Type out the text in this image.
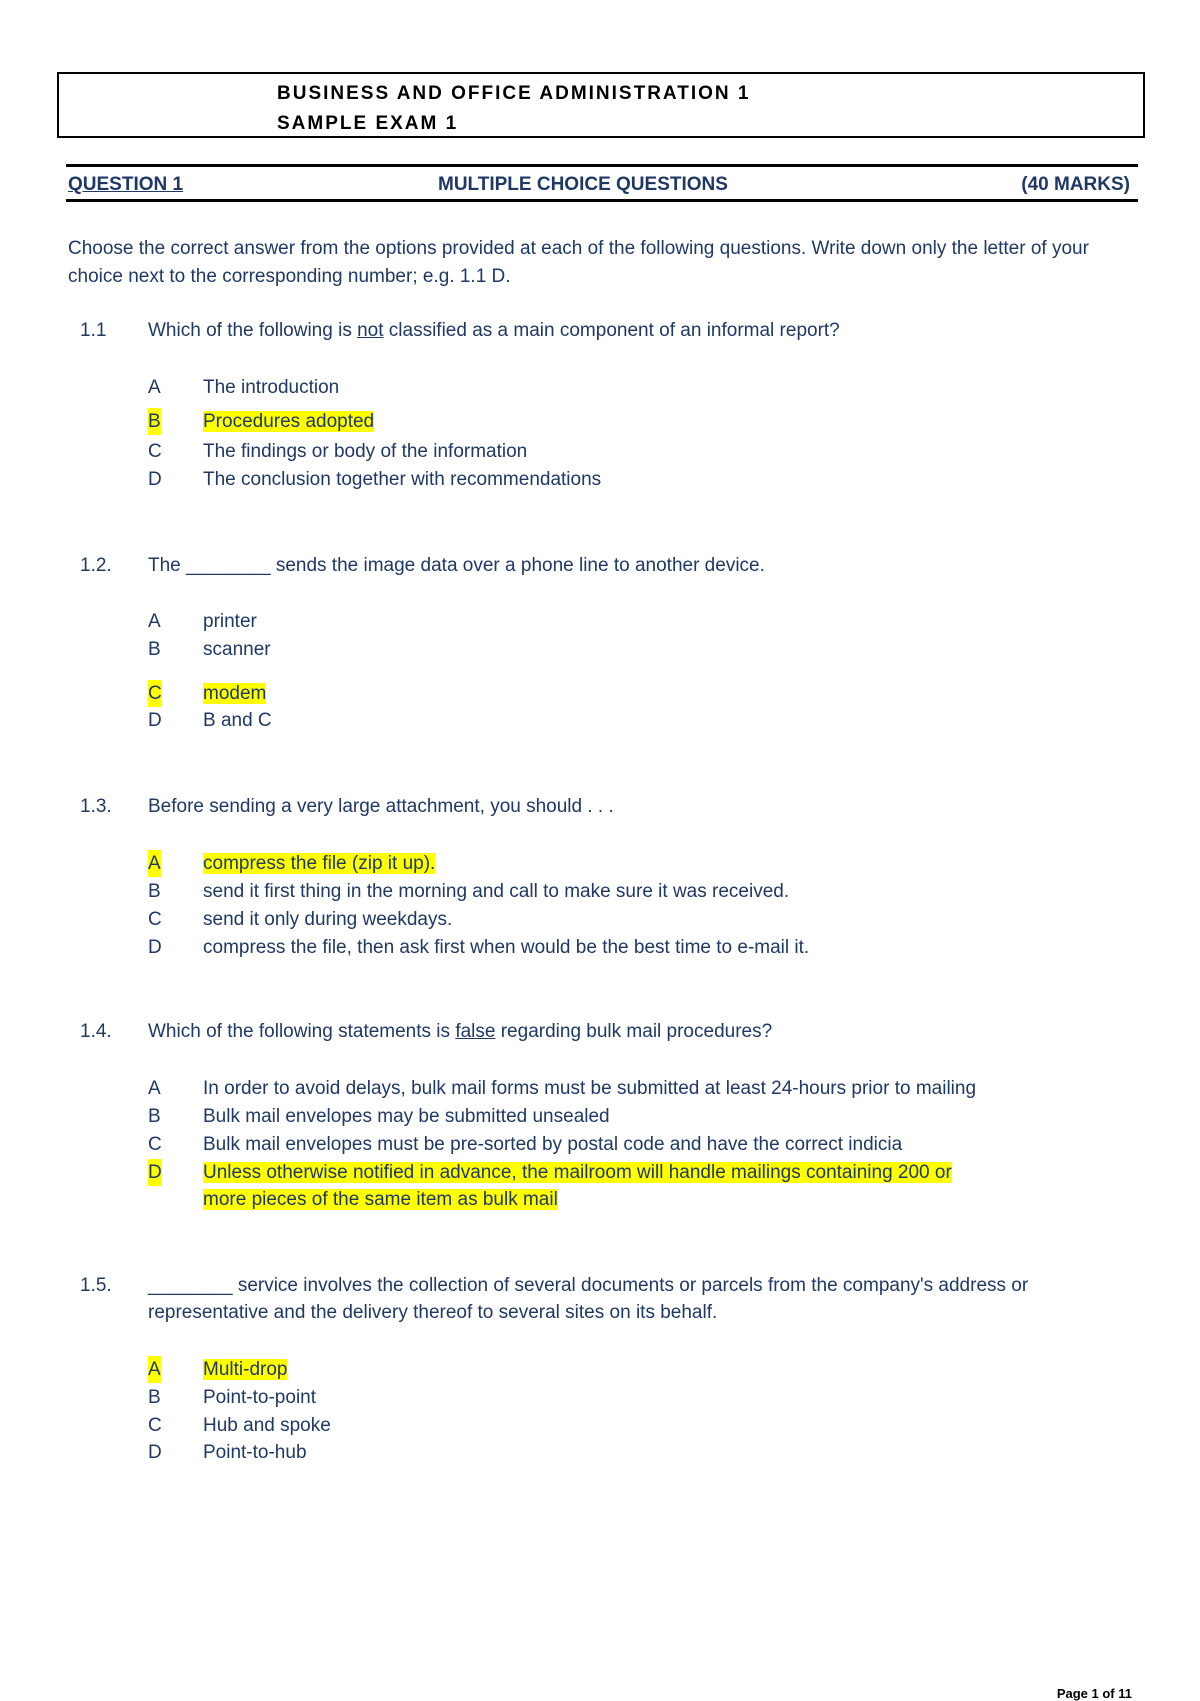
BUSINESS AND OFFICE ADMINISTRATION 1
SAMPLE EXAM 1
QUESTION 1	MULTIPLE CHOICE QUESTIONS	(40 MARKS)
Choose the correct answer from the options provided at each of the following questions. Write down only the letter of your choice next to the corresponding number; e.g. 1.1 D.
1.1 Which of the following is not classified as a main component of an informal report?
A The introduction
B Procedures adopted
C The findings or body of the information
D The conclusion together with recommendations
1.2. The ________ sends the image data over a phone line to another device.
A printer
B scanner
C modem
D B and C
1.3. Before sending a very large attachment, you should . . .
A compress the file (zip it up).
B send it first thing in the morning and call to make sure it was received.
C send it only during weekdays.
D compress the file, then ask first when would be the best time to e-mail it.
1.4. Which of the following statements is false regarding bulk mail procedures?
A In order to avoid delays, bulk mail forms must be submitted at least 24-hours prior to mailing
B Bulk mail envelopes may be submitted unsealed
C Bulk mail envelopes must be pre-sorted by postal code and have the correct indicia
D Unless otherwise notified in advance, the mailroom will handle mailings containing 200 or
more pieces of the same item as bulk mail
1.5. ________ service involves the collection of several documents or parcels from the company's address or representative and the delivery thereof to several sites on its behalf.
A Multi-drop
B Point-to-point
C Hub and spoke
D Point-to-hub
Page 1 of 11
